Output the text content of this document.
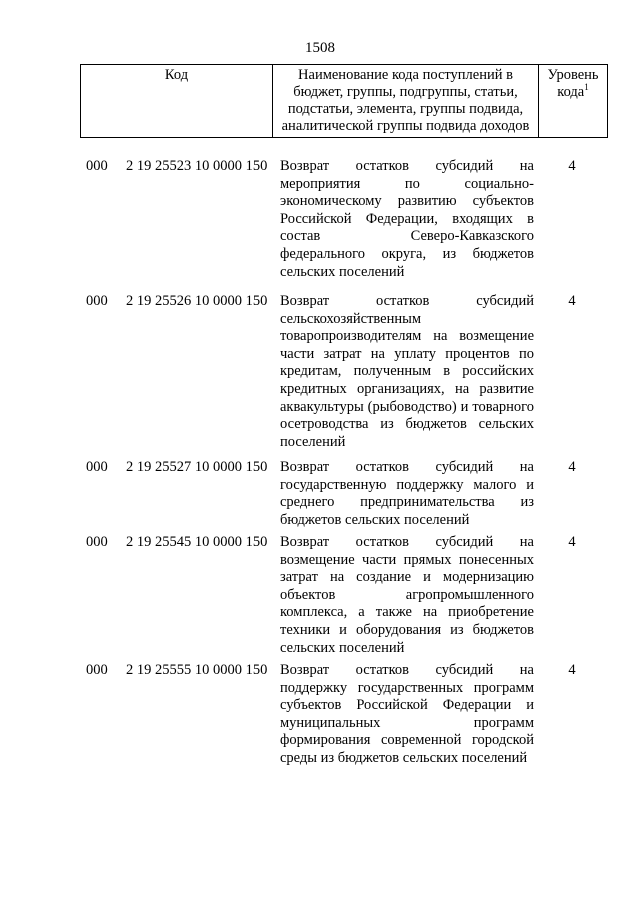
1508
Код	Наименование кода поступлений в бюджет, группы, подгруппы, статьи, подстатьи, элемента, группы подвида, аналитической группы подвида доходов
Уровень кода$^1$
000	2 19 25523 10 0000 150 Возврат остатков субсидий на мероприятия по социально-экономическому развитию субъектов Российской Федерации, входящих в состав Северо-Кавказского федерального округа, из бюджетов сельских поселений
4
000	2 19 25526 10 0000 150 Возврат остатков субсидий сельскохозяйственным товаропроизводителям на возмещение части затрат на уплату процентов по кредитам, полученным в российских кредитных организациях, на развитие аквакультуры (рыбоводство) и товарного осетроводства из бюджетов сельских поселений
4
000	2 19 25527 10 0000 150 Возврат остатков субсидий на государственную поддержку малого и среднего предпринимательства из бюджетов сельских поселений
4
000	2 19 25545 10 0000 150 Возврат остатков субсидий на возмещение части прямых понесенных затрат на создание и модернизацию объектов агропромышленного комплекса, а также на приобретение техники и оборудования из бюджетов сельских поселений
4
000	2 19 25555 10 0000 150 Возврат остатков субсидий на поддержку государственных программ субъектов Российской Федерации и муниципальных программ формирования современной городской среды из бюджетов сельских поселений
4
